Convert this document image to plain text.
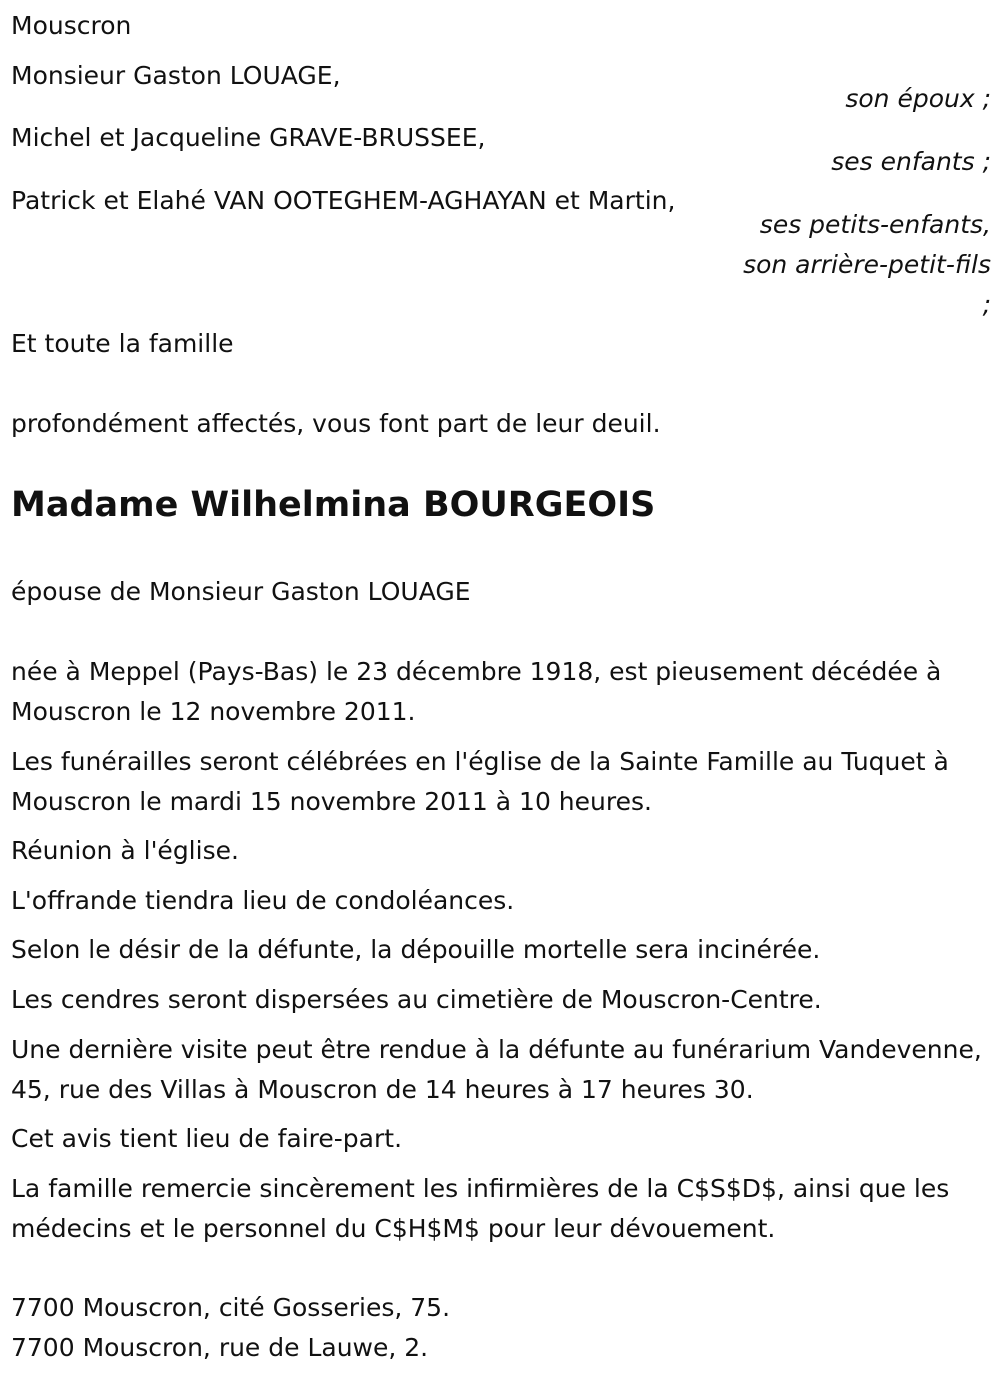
Mouscron
Monsieur Gaston LOUAGE,
son époux ;
Michel et Jacqueline GRAVE-BRUSSEE,
ses enfants ;
Patrick et Elahé VAN OOTEGHEM-AGHAYAN et Martin,
ses petits-enfants,
son arrière-petit-fils
;
Et toute la famille
profondément affectés, vous font part de leur deuil.
Madame Wilhelmina BOURGEOIS
épouse de Monsieur Gaston LOUAGE
née à Meppel (Pays-Bas) le 23 décembre 1918, est pieusement décédée à Mouscron le 12 novembre 2011.
Les funérailles seront célébrées en l'église de la Sainte Famille au Tuquet à Mouscron le mardi 15 novembre 2011 à 10 heures.
Réunion à l'église.
L'offrande tiendra lieu de condoléances.
Selon le désir de la défunte, la dépouille mortelle sera incinérée.
Les cendres seront dispersées au cimetière de Mouscron-Centre.
Une dernière visite peut être rendue à la défunte au funérarium Vandevenne, 45, rue des Villas à Mouscron de 14 heures à 17 heures 30.
Cet avis tient lieu de faire-part.
La famille remercie sincèrement les infirmières de la C$S$D$, ainsi que les médecins et le personnel du C$H$M$ pour leur dévouement.
7700 Mouscron, cité Gosseries, 75.
7700 Mouscron, rue de Lauwe, 2.
